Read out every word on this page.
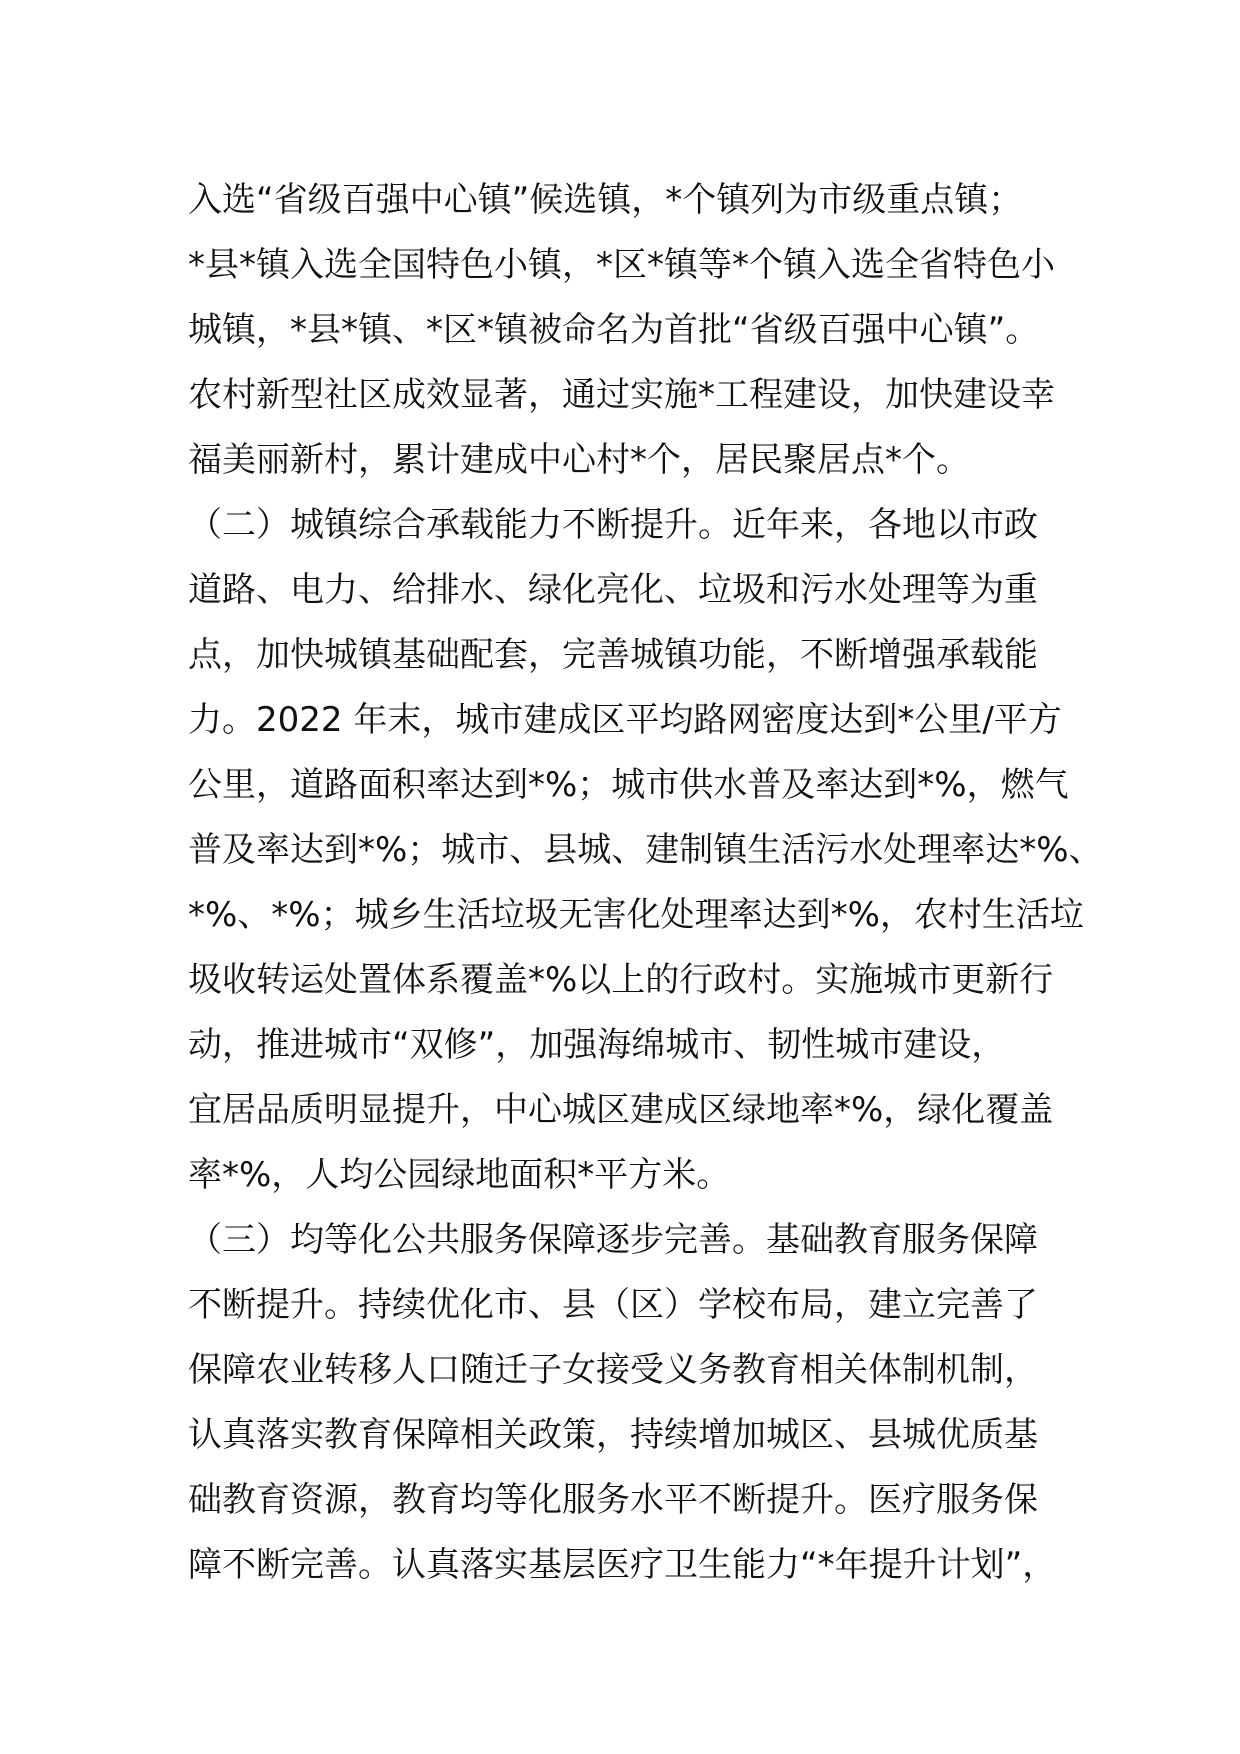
入选“省级百强中心镇”候选镇，*个镇列为市级重点镇；

*县*镇入选全国特色小镇，*区*镇等*个镇入选全省特色小

城镇，*县*镇、*区*镇被命名为首批“省级百强中心镇”。

农村新型社区成效显著，通过实施*工程建设，加快建设幸

福美丽新村，累计建成中心村*个，居民聚居点*个。

（二）城镇综合承载能力不断提升。近年来，各地以市政

道路、电力、给排水、绿化亮化、垃圾和污水处理等为重

点，加快城镇基础配套，完善城镇功能，不断增强承载能

力。2022 年末，城市建成区平均路网密度达到*公里/平方

公里，道路面积率达到*%；城市供水普及率达到*%，燃气

普及率达到*%；城市、县城、建制镇生活污水处理率达*%、

*%、*%；城乡生活垃圾无害化处理率达到*%，农村生活垃

圾收转运处置体系覆盖*%以上的行政村。实施城市更新行

动，推进城市“双修”，加强海绵城市、韧性城市建设，

宜居品质明显提升，中心城区建成区绿地率*%，绿化覆盖

率*%，人均公园绿地面积*平方米。

（三）均等化公共服务保障逐步完善。基础教育服务保障

不断提升。持续优化市、县（区）学校布局，建立完善了

保障农业转移人口随迁子女接受义务教育相关体制机制，

认真落实教育保障相关政策，持续增加城区、县城优质基

础教育资源，教育均等化服务水平不断提升。医疗服务保

障不断完善。认真落实基层医疗卫生能力“*年提升计划”，
